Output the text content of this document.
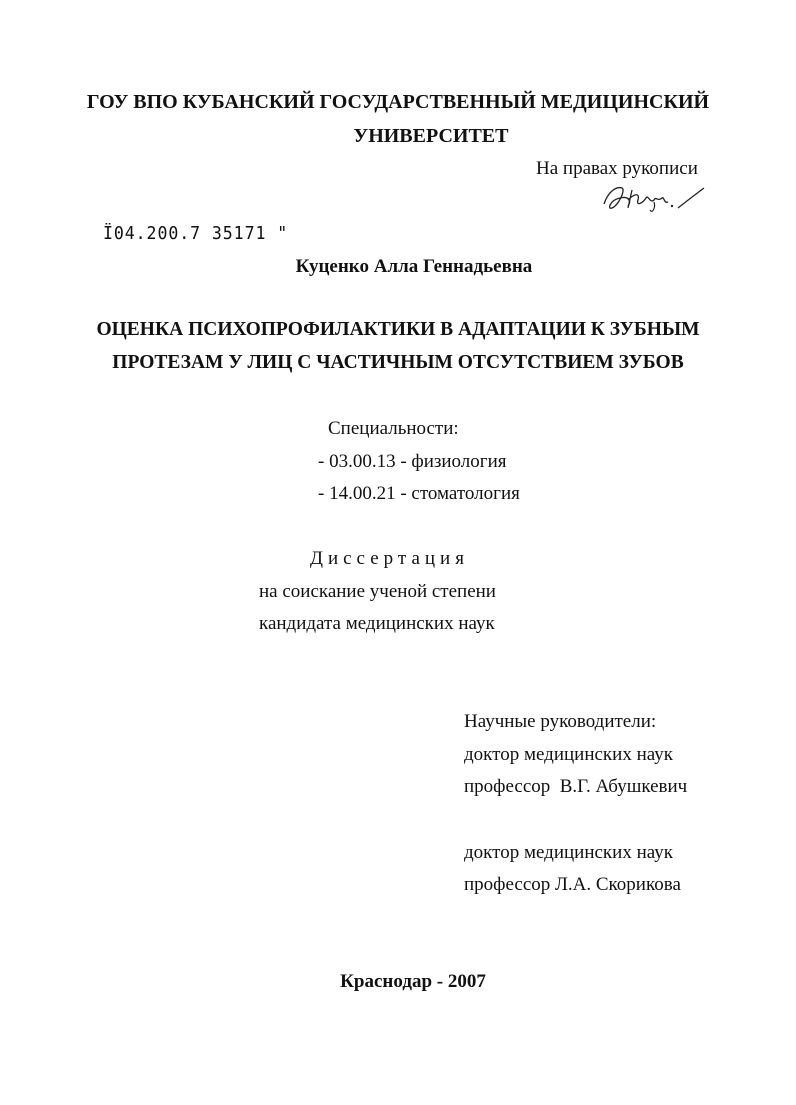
ГОУ ВПО КУБАНСКИЙ ГОСУДАРСТВЕННЫЙ МЕДИЦИНСКИЙ
УНИВЕРСИТЕТ
На правах рукописи
Ї04.200.7 35171 "
Куценко Алла Геннадьевна
ОЦЕНКА ПСИХОПРОФИЛАКТИКИ В АДАПТАЦИИ К ЗУБНЫМ
ПРОТЕЗАМ У ЛИЦ С ЧАСТИЧНЫМ ОТСУТСТВИЕМ ЗУБОВ
Специальности:
- 03.00.13 - физиология
- 14.00.21 - стоматология
Диссертация
на соискание ученой степени
кандидата медицинских наук
Научные руководители:
доктор медицинских наук
профессор  В.Г. Абушкевич
доктор медицинских наук
профессор Л.А. Скорикова
Краснодар - 2007
